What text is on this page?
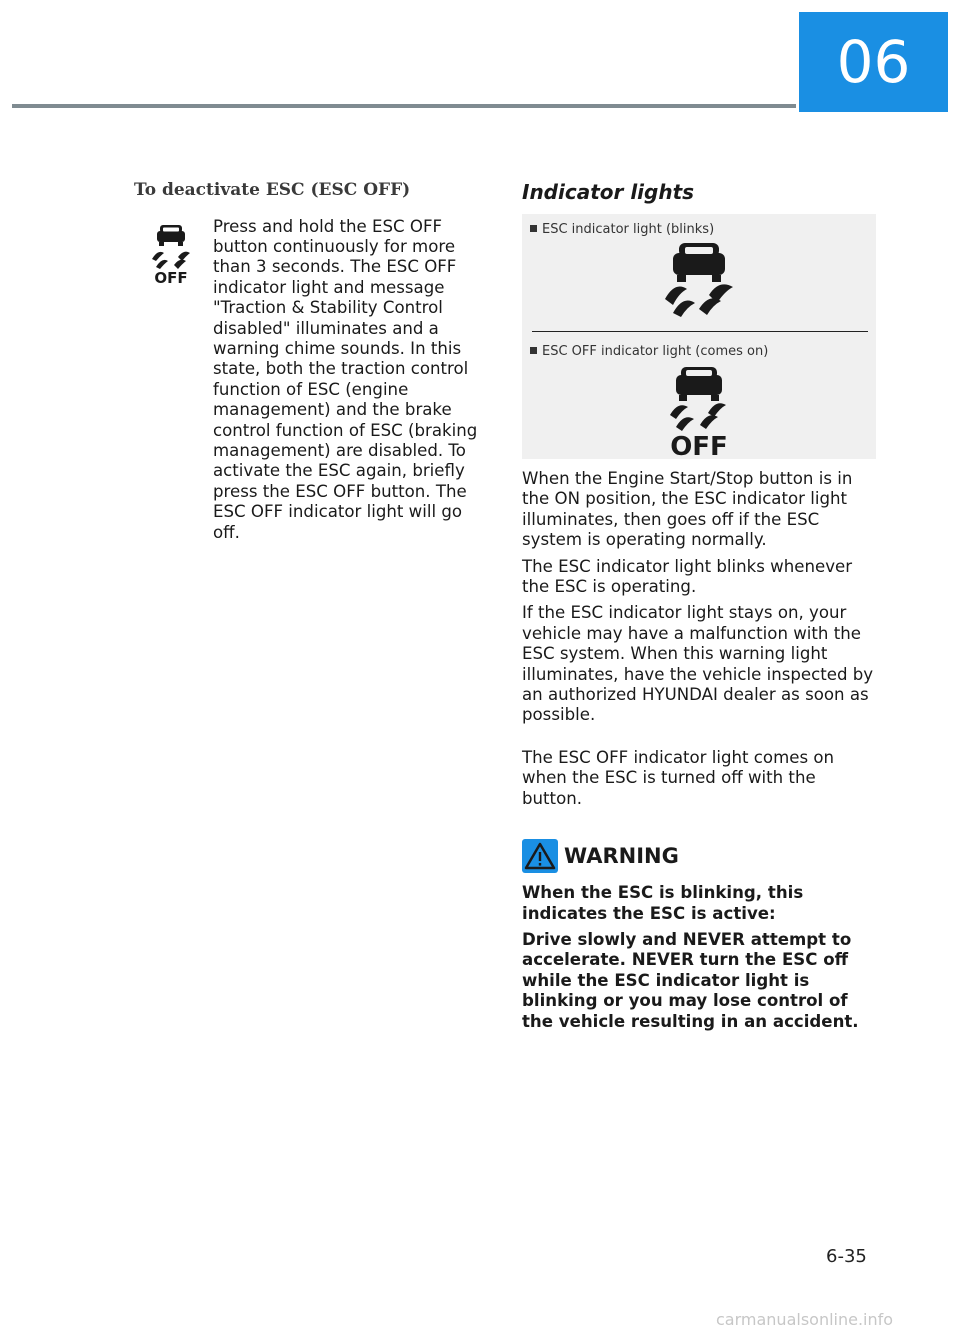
06

To deactivate ESC (ESC OFF)

OFF

Press and hold the ESC OFF button continuously for more than 3 seconds. The ESC OFF indicator light and message "Traction & Stability Control disabled" illuminates and a warning chime sounds. In this state, both the traction control function of ESC (engine management) and the brake control function of ESC (braking management) are disabled. To activate the ESC again, briefly press the ESC OFF button. The ESC OFF indicator light will go off.

Indicator lights

ESC indicator light (blinks)

ESC OFF indicator light (comes on)

OFF

When the Engine Start/Stop button is in the ON position, the ESC indicator light illuminates, then goes off if the ESC system is operating normally.

The ESC indicator light blinks whenever the ESC is operating.

If the ESC indicator light stays on, your vehicle may have a malfunction with the ESC system. When this warning light illuminates, have the vehicle inspected by an authorized HYUNDAI dealer as soon as possible.

The ESC OFF indicator light comes on when the ESC is turned off with the button.

WARNING

When the ESC is blinking, this indicates the ESC is active:

Drive slowly and NEVER attempt to accelerate. NEVER turn the ESC off while the ESC indicator light is blinking or you may lose control of the vehicle resulting in an accident.

6-35
carmanualsonline.info
